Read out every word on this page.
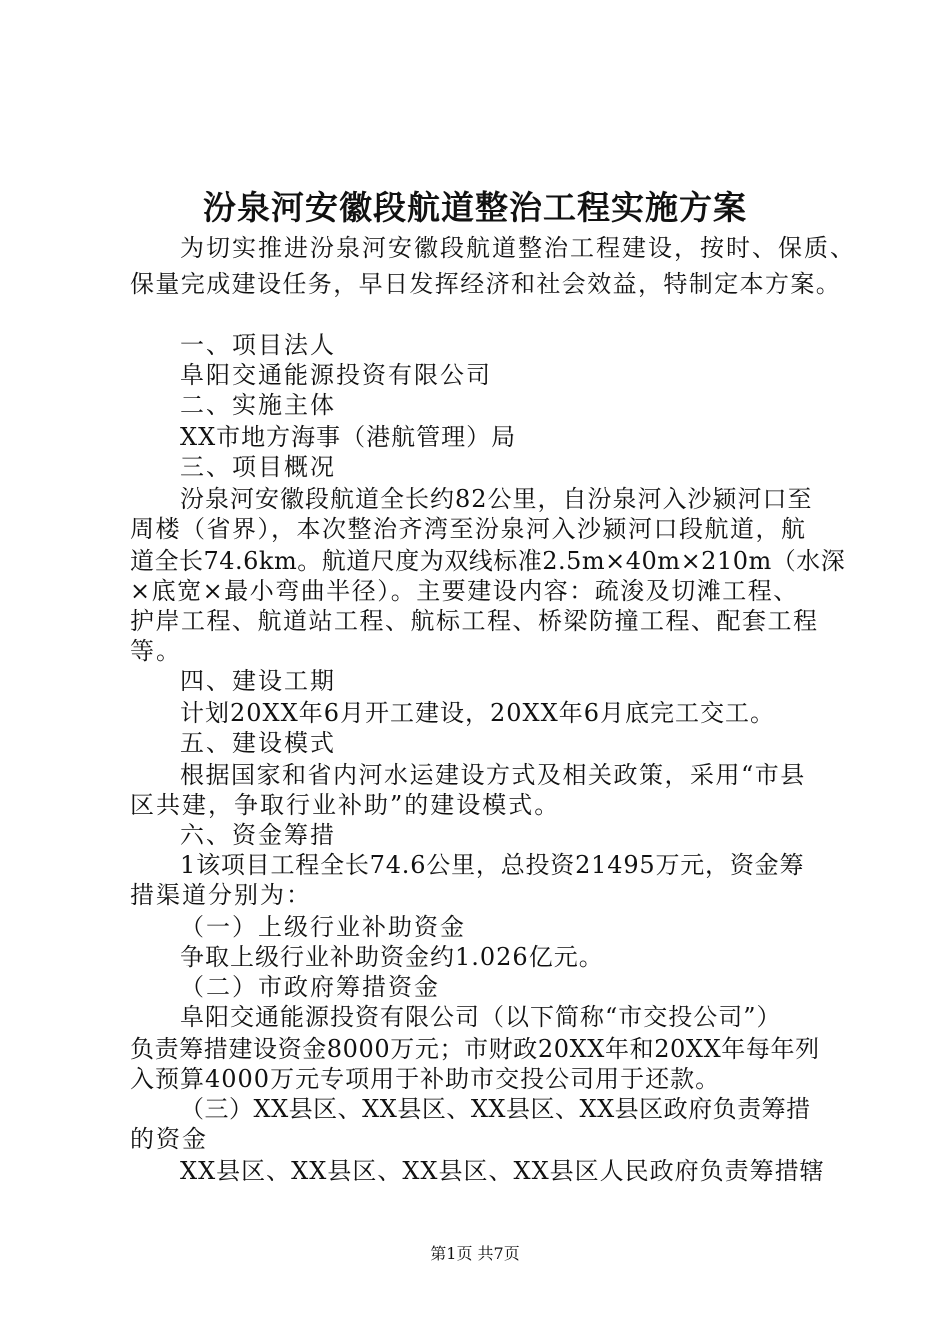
汾泉河安徽段航道整治工程实施方案
为切实推进汾泉河安徽段航道整治工程建设，按时、保质、
保量完成建设任务，早日发挥经济和社会效益，特制定本方案。
一、项目法人
阜阳交通能源投资有限公司
二、实施主体
XX市地方海事（港航管理）局
三、项目概况
汾泉河安徽段航道全长约82公里，自汾泉河入沙颍河口至
周楼（省界），本次整治齐湾至汾泉河入沙颍河口段航道，航
道全长74.6km。航道尺度为双线标准2.5m×40m×210m（水深
×底宽×最小弯曲半径）。主要建设内容：疏浚及切滩工程、
护岸工程、航道站工程、航标工程、桥梁防撞工程、配套工程
等。
四、建设工期
计划20XX年6月开工建设，20XX年6月底完工交工。
五、建设模式
根据国家和省内河水运建设方式及相关政策，采用“市县
区共建，争取行业补助”的建设模式。
六、资金筹措
1该项目工程全长74.6公里，总投资21495万元，资金筹
措渠道分别为：
（一）上级行业补助资金
争取上级行业补助资金约1.026亿元。
（二）市政府筹措资金
阜阳交通能源投资有限公司（以下简称“市交投公司”）
负责筹措建设资金8000万元；市财政20XX年和20XX年每年列
入预算4000万元专项用于补助市交投公司用于还款。
（三）XX县区、XX县区、XX县区、XX县区政府负责筹措
的资金
XX县区、XX县区、XX县区、XX县区人民政府负责筹措辖
第1页 共7页
